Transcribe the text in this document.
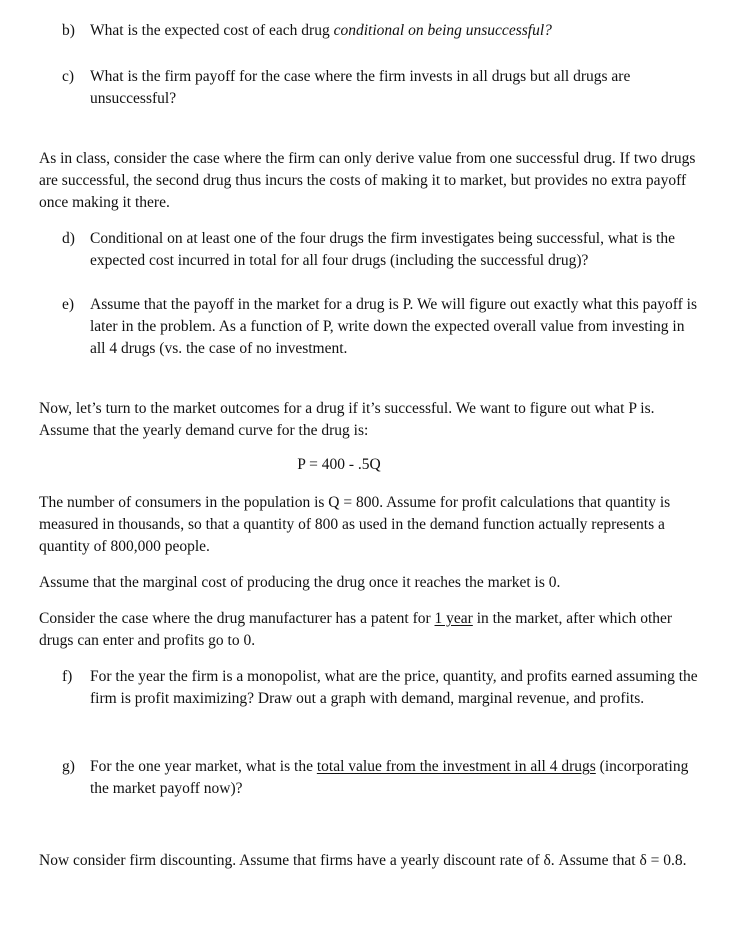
b) What is the expected cost of each drug conditional on being unsuccessful?
c)	What is the firm payoff for the case where the firm invests in all drugs but all drugs are unsuccessful?
As in class, consider the case where the firm can only derive value from one successful drug. If two drugs are successful, the second drug thus incurs the costs of making it to market, but provides no extra payoff once making it there.
d) Conditional on at least one of the four drugs the firm investigates being successful, what is the expected cost incurred in total for all four drugs (including the successful drug)?
e)	Assume that the payoff in the market for a drug is P. We will figure out exactly what this payoff is later in the problem. As a function of P, write down the expected overall value from investing in all 4 drugs (vs. the case of no investment.
Now, let’s turn to the market outcomes for a drug if it’s successful. We want to figure out what P is. Assume that the yearly demand curve for the drug is:
P = 400 - .5Q
The number of consumers in the population is Q = 800. Assume for profit calculations that quantity is measured in thousands, so that a quantity of 800 as used in the demand function actually represents a quantity of 800,000 people.
Assume that the marginal cost of producing the drug once it reaches the market is 0.
Consider the case where the drug manufacturer has a patent for 1 year in the market, after which other drugs can enter and profits go to 0.
f)	For the year the firm is a monopolist, what are the price, quantity, and profits earned assuming the firm is profit maximizing? Draw out a graph with demand, marginal revenue, and profits.
g) For the one year market, what is the total value from the investment in all 4 drugs (incorporating the market payoff now)?
Now consider firm discounting. Assume that firms have a yearly discount rate of δ. Assume that δ = 0.8.
